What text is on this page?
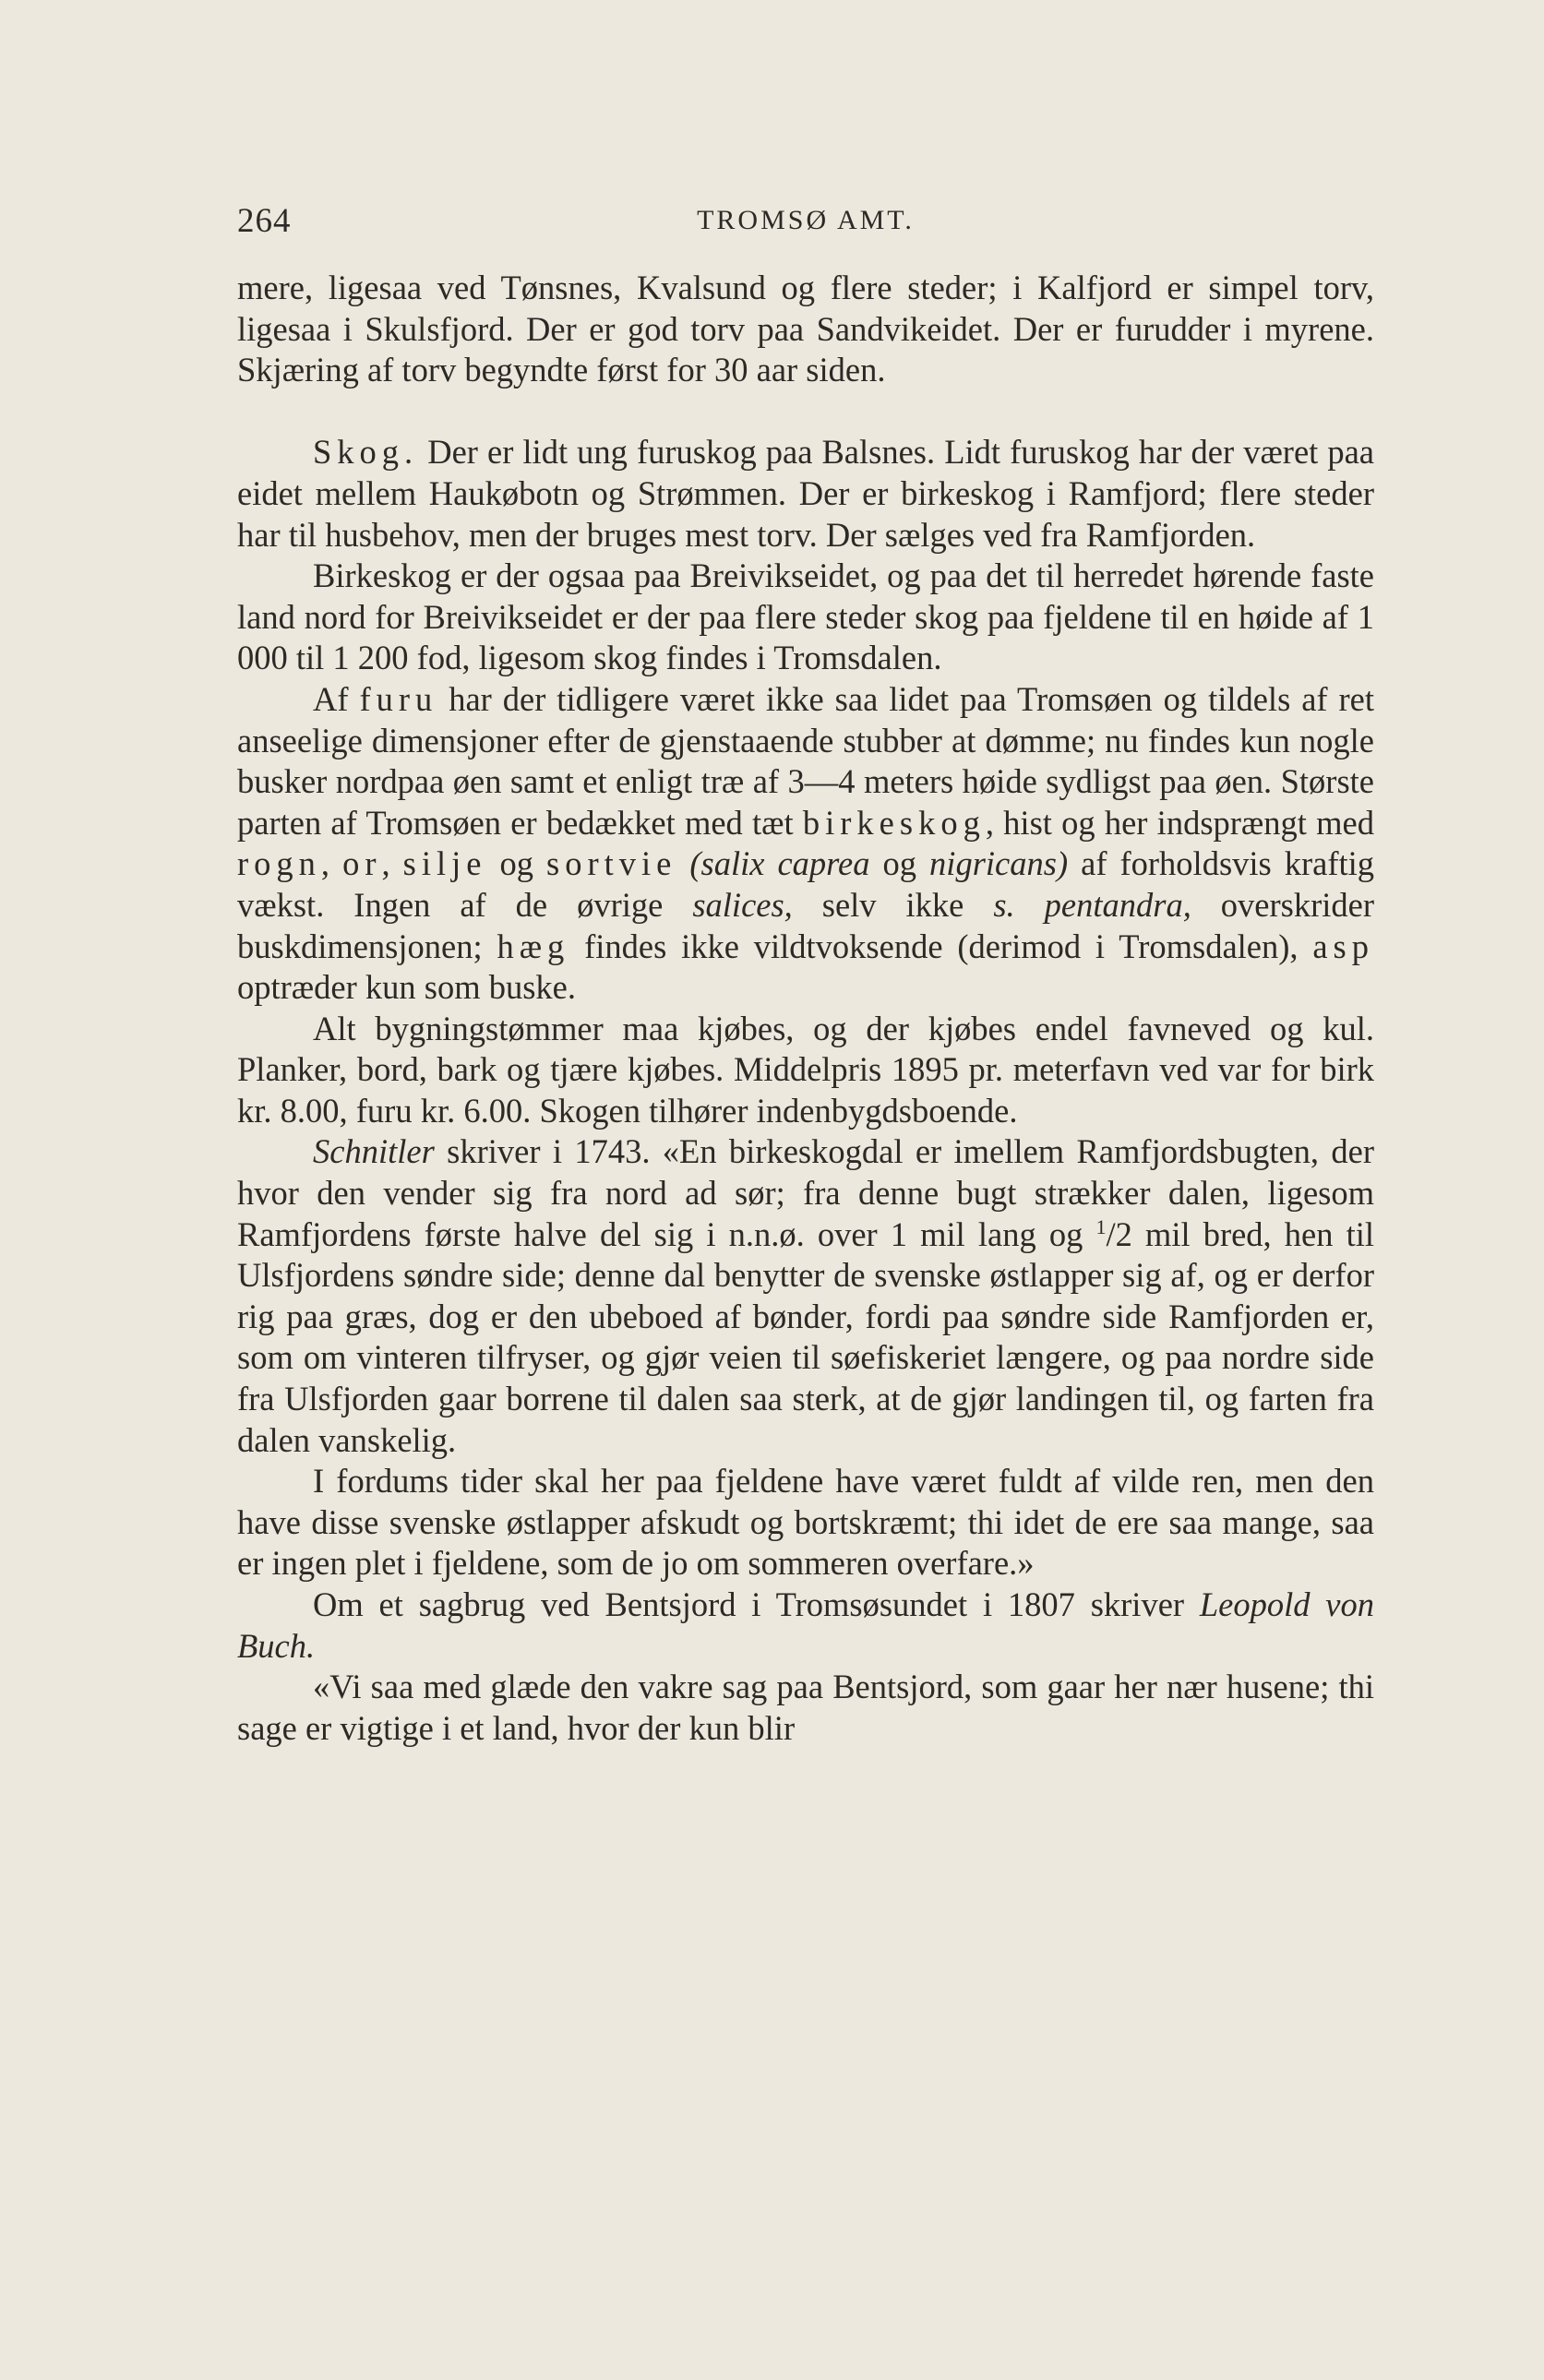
264	TROMSØ AMT.

mere, ligesaa ved Tønsnes, Kvalsund og flere steder; i Kalfjord er simpel torv, ligesaa i Skulsfjord. Der er god torv paa Sandvikeidet. Der er furudder i myrene. Skjæring af torv begyndte først for 30 aar siden.

Skog. Der er lidt ung furuskog paa Balsnes. Lidt furuskog har der været paa eidet mellem Haukøbotn og Strømmen. Der er birkeskog i Ramfjord; flere steder har til husbehov, men der bruges mest torv. Der sælges ved fra Ramfjorden.

Birkeskog er der ogsaa paa Breivikseidet, og paa det til herredet hørende faste land nord for Breivikseidet er der paa flere steder skog paa fjeldene til en høide af 1 000 til 1 200 fod, ligesom skog findes i Tromsdalen.

Af furu har der tidligere været ikke saa lidet paa Tromsøen og tildels af ret anseelige dimensjoner efter de gjenstaaende stubber at dømme; nu findes kun nogle busker nordpaa øen samt et enligt træ af 3—4 meters høide sydligst paa øen. Største parten af Tromsøen er bedækket med tæt birkeskog, hist og her indsprængt med rogn, or, silje og sortvie (salix caprea og nigricans) af forholdsvis kraftig vækst. Ingen af de øvrige salices, selv ikke s. pentandra, overskrider buskdimensjonen; hæg findes ikke vildtvoksende (derimod i Tromsdalen), asp optræder kun som buske.

Alt bygningstømmer maa kjøbes, og der kjøbes endel favneved og kul. Planker, bord, bark og tjære kjøbes. Middelpris 1895 pr. meterfavn ved var for birk kr. 8.00, furu kr. 6.00. Skogen tilhører indenbygdsboende.

Schnitler skriver i 1743. «En birkeskogdal er imellem Ramfjordsbugten, der hvor den vender sig fra nord ad sør; fra denne bugt strækker dalen, ligesom Ramfjordens første halve del sig i n.n.ø. over 1 mil lang og $^1$/2 mil bred, hen til Ulsfjordens søndre side; denne dal benytter de svenske østlapper sig af, og er derfor rig paa græs, dog er den ubeboed af bønder, fordi paa søndre side Ramfjorden er, som om vinteren tilfryser, og gjør veien til søefiskeriet længere, og paa nordre side fra Ulsfjorden gaar borrene til dalen saa sterk, at de gjør landingen til, og farten fra dalen vanskelig.

I fordums tider skal her paa fjeldene have været fuldt af vilde ren, men den have disse svenske østlapper afskudt og bortskræmt; thi idet de ere saa mange, saa er ingen plet i fjeldene, som de jo om sommeren overfare.»

Om et sagbrug ved Bentsjord i Tromsøsundet i 1807 skriver Leopold von Buch.

«Vi saa med glæde den vakre sag paa Bentsjord, som gaar her nær husene; thi sage er vigtige i et land, hvor der kun blir
